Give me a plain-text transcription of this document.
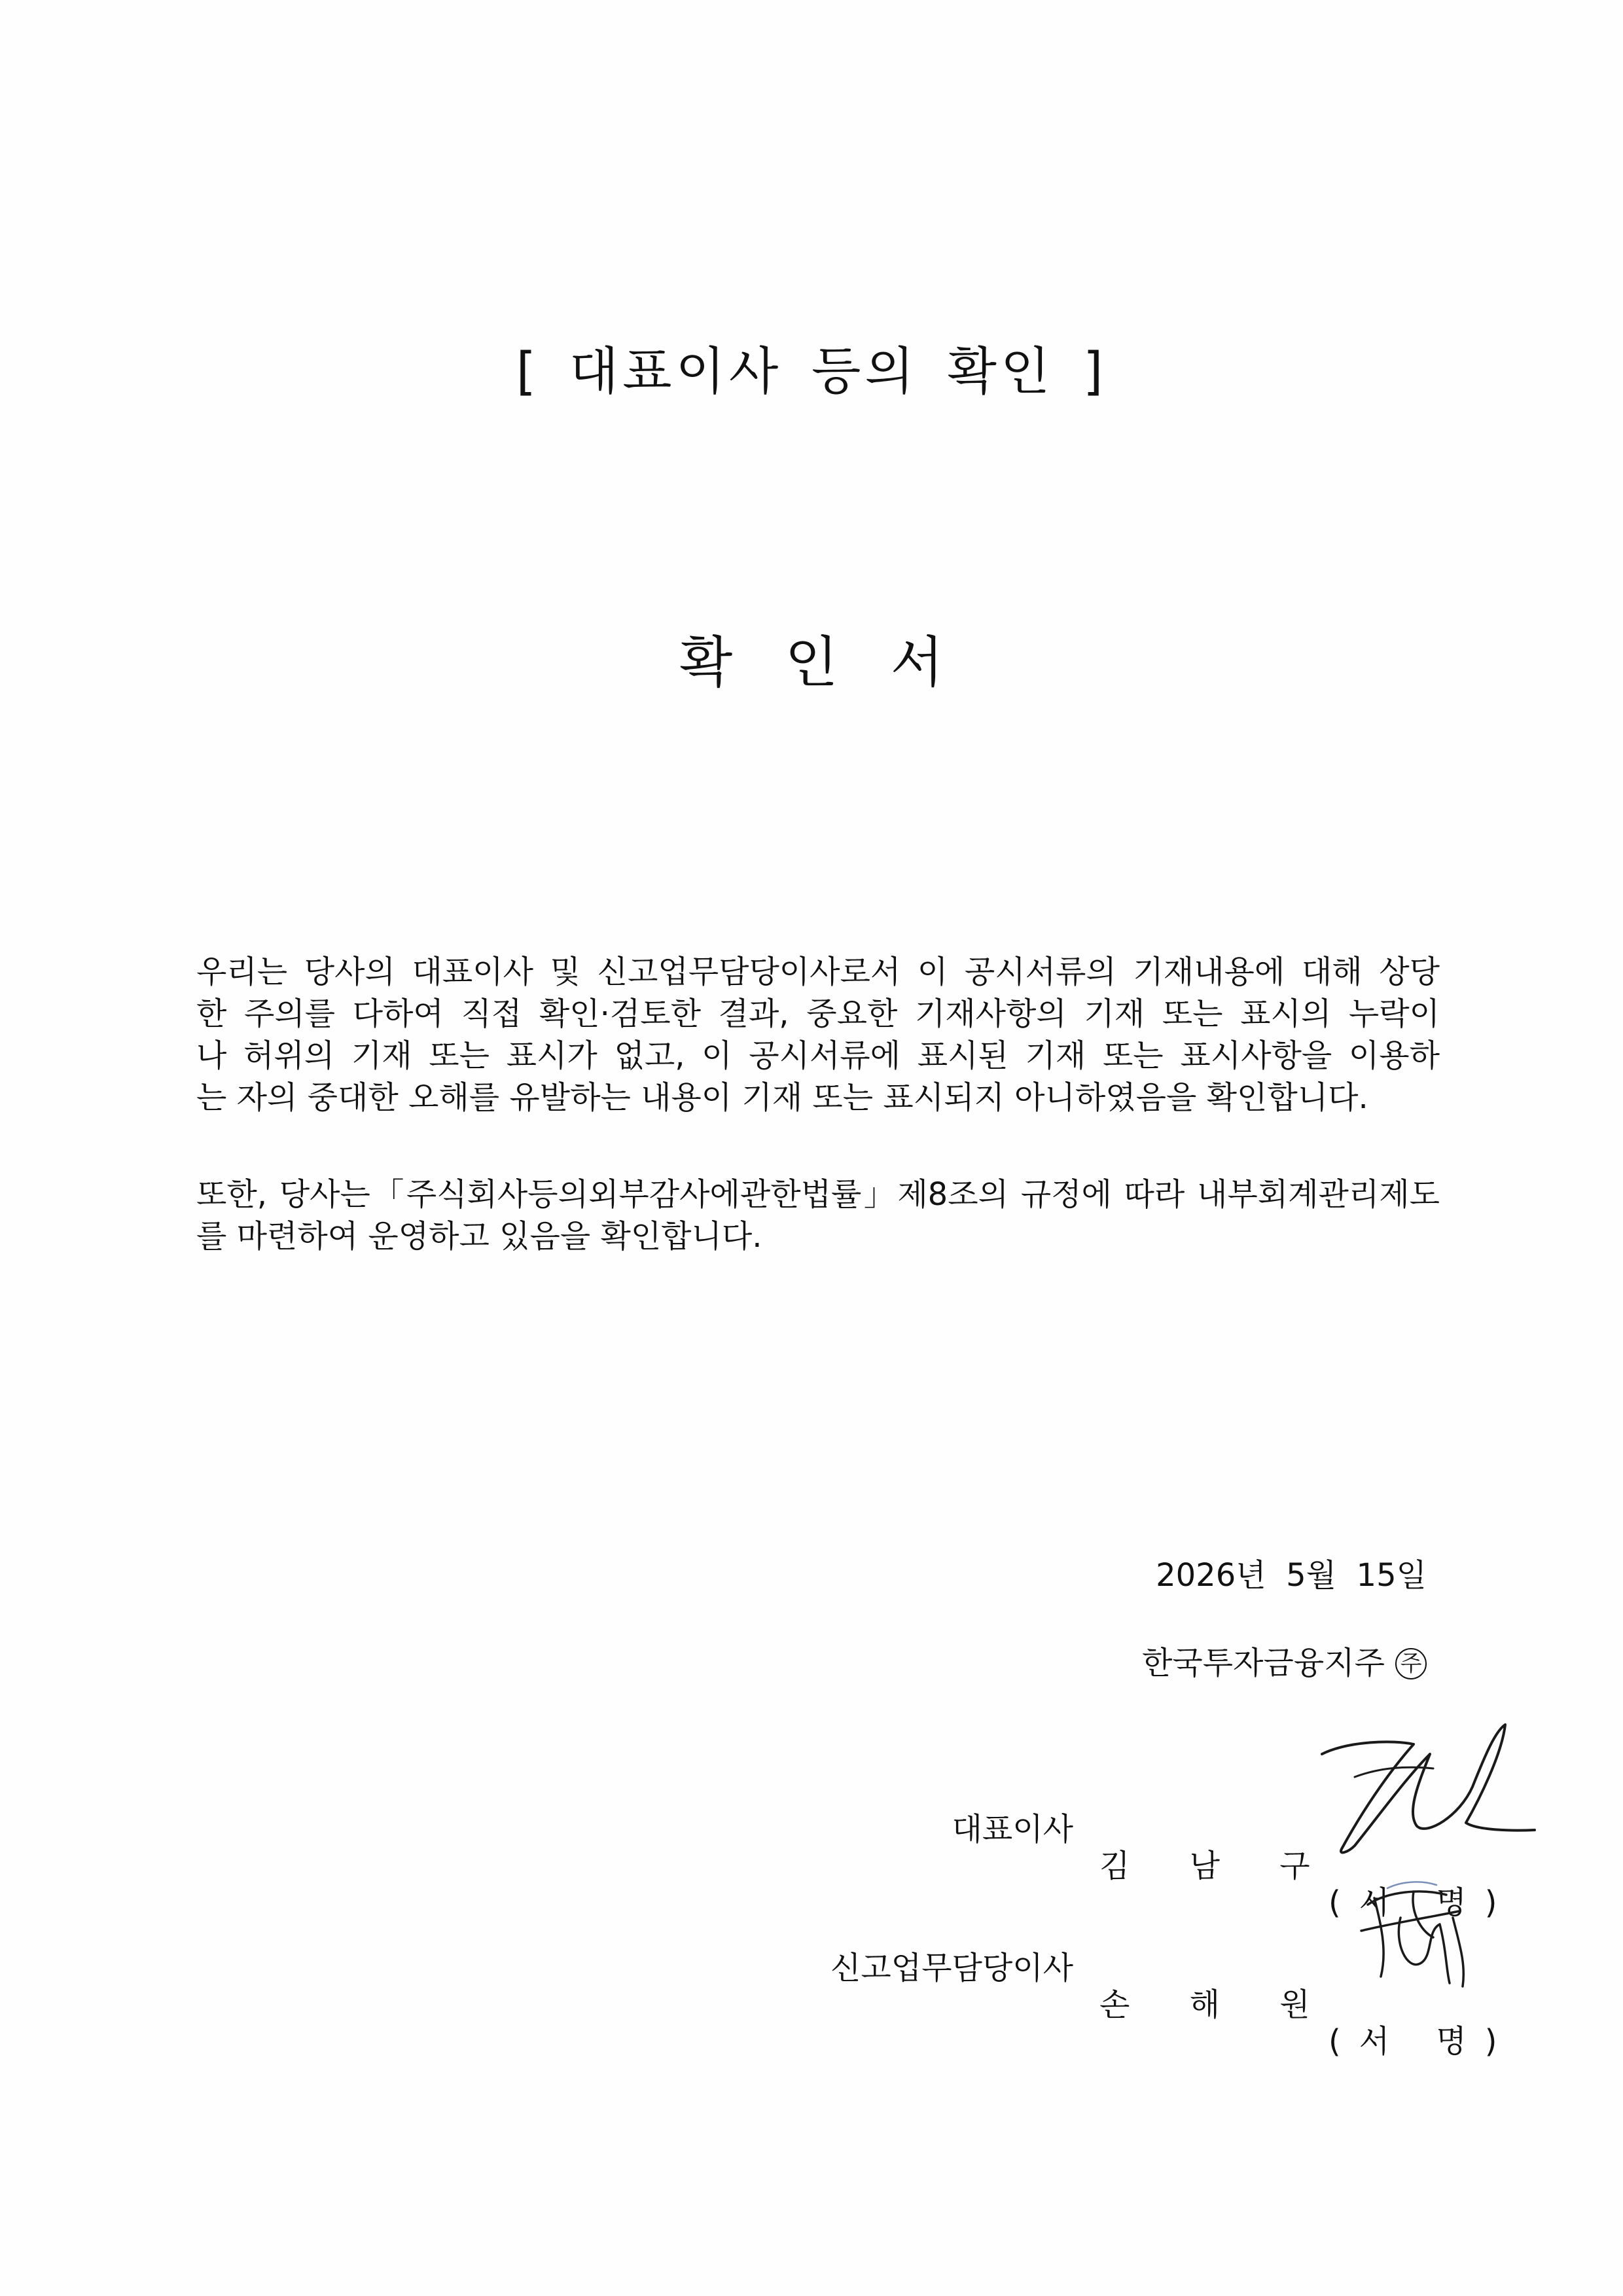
[ 대표이사 등의 확인 ]
확   인   서
우리는 당사의 대표이사 및 신고업무담당이사로서 이 공시서류의 기재내용에 대해 상당
한 주의를 다하여 직접 확인·검토한 결과, 중요한 기재사항의 기재 또는 표시의 누락이
나 허위의 기재 또는 표시가 없고, 이 공시서류에 표시된 기재 또는 표시사항을 이용하
는 자의 중대한 오해를 유발하는 내용이 기재 또는 표시되지 아니하였음을 확인합니다.
또한, 당사는「주식회사등의외부감사에관한법률」제8조의 규정에 따라 내부회계관리제도
를 마련하여 운영하고 있음을 확인합니다.
2026년  5월  15일
한국투자금융지주 주

대표이사

김 남 구

(서 명)

신고업무담당이사

손 해 원

(서 명)
